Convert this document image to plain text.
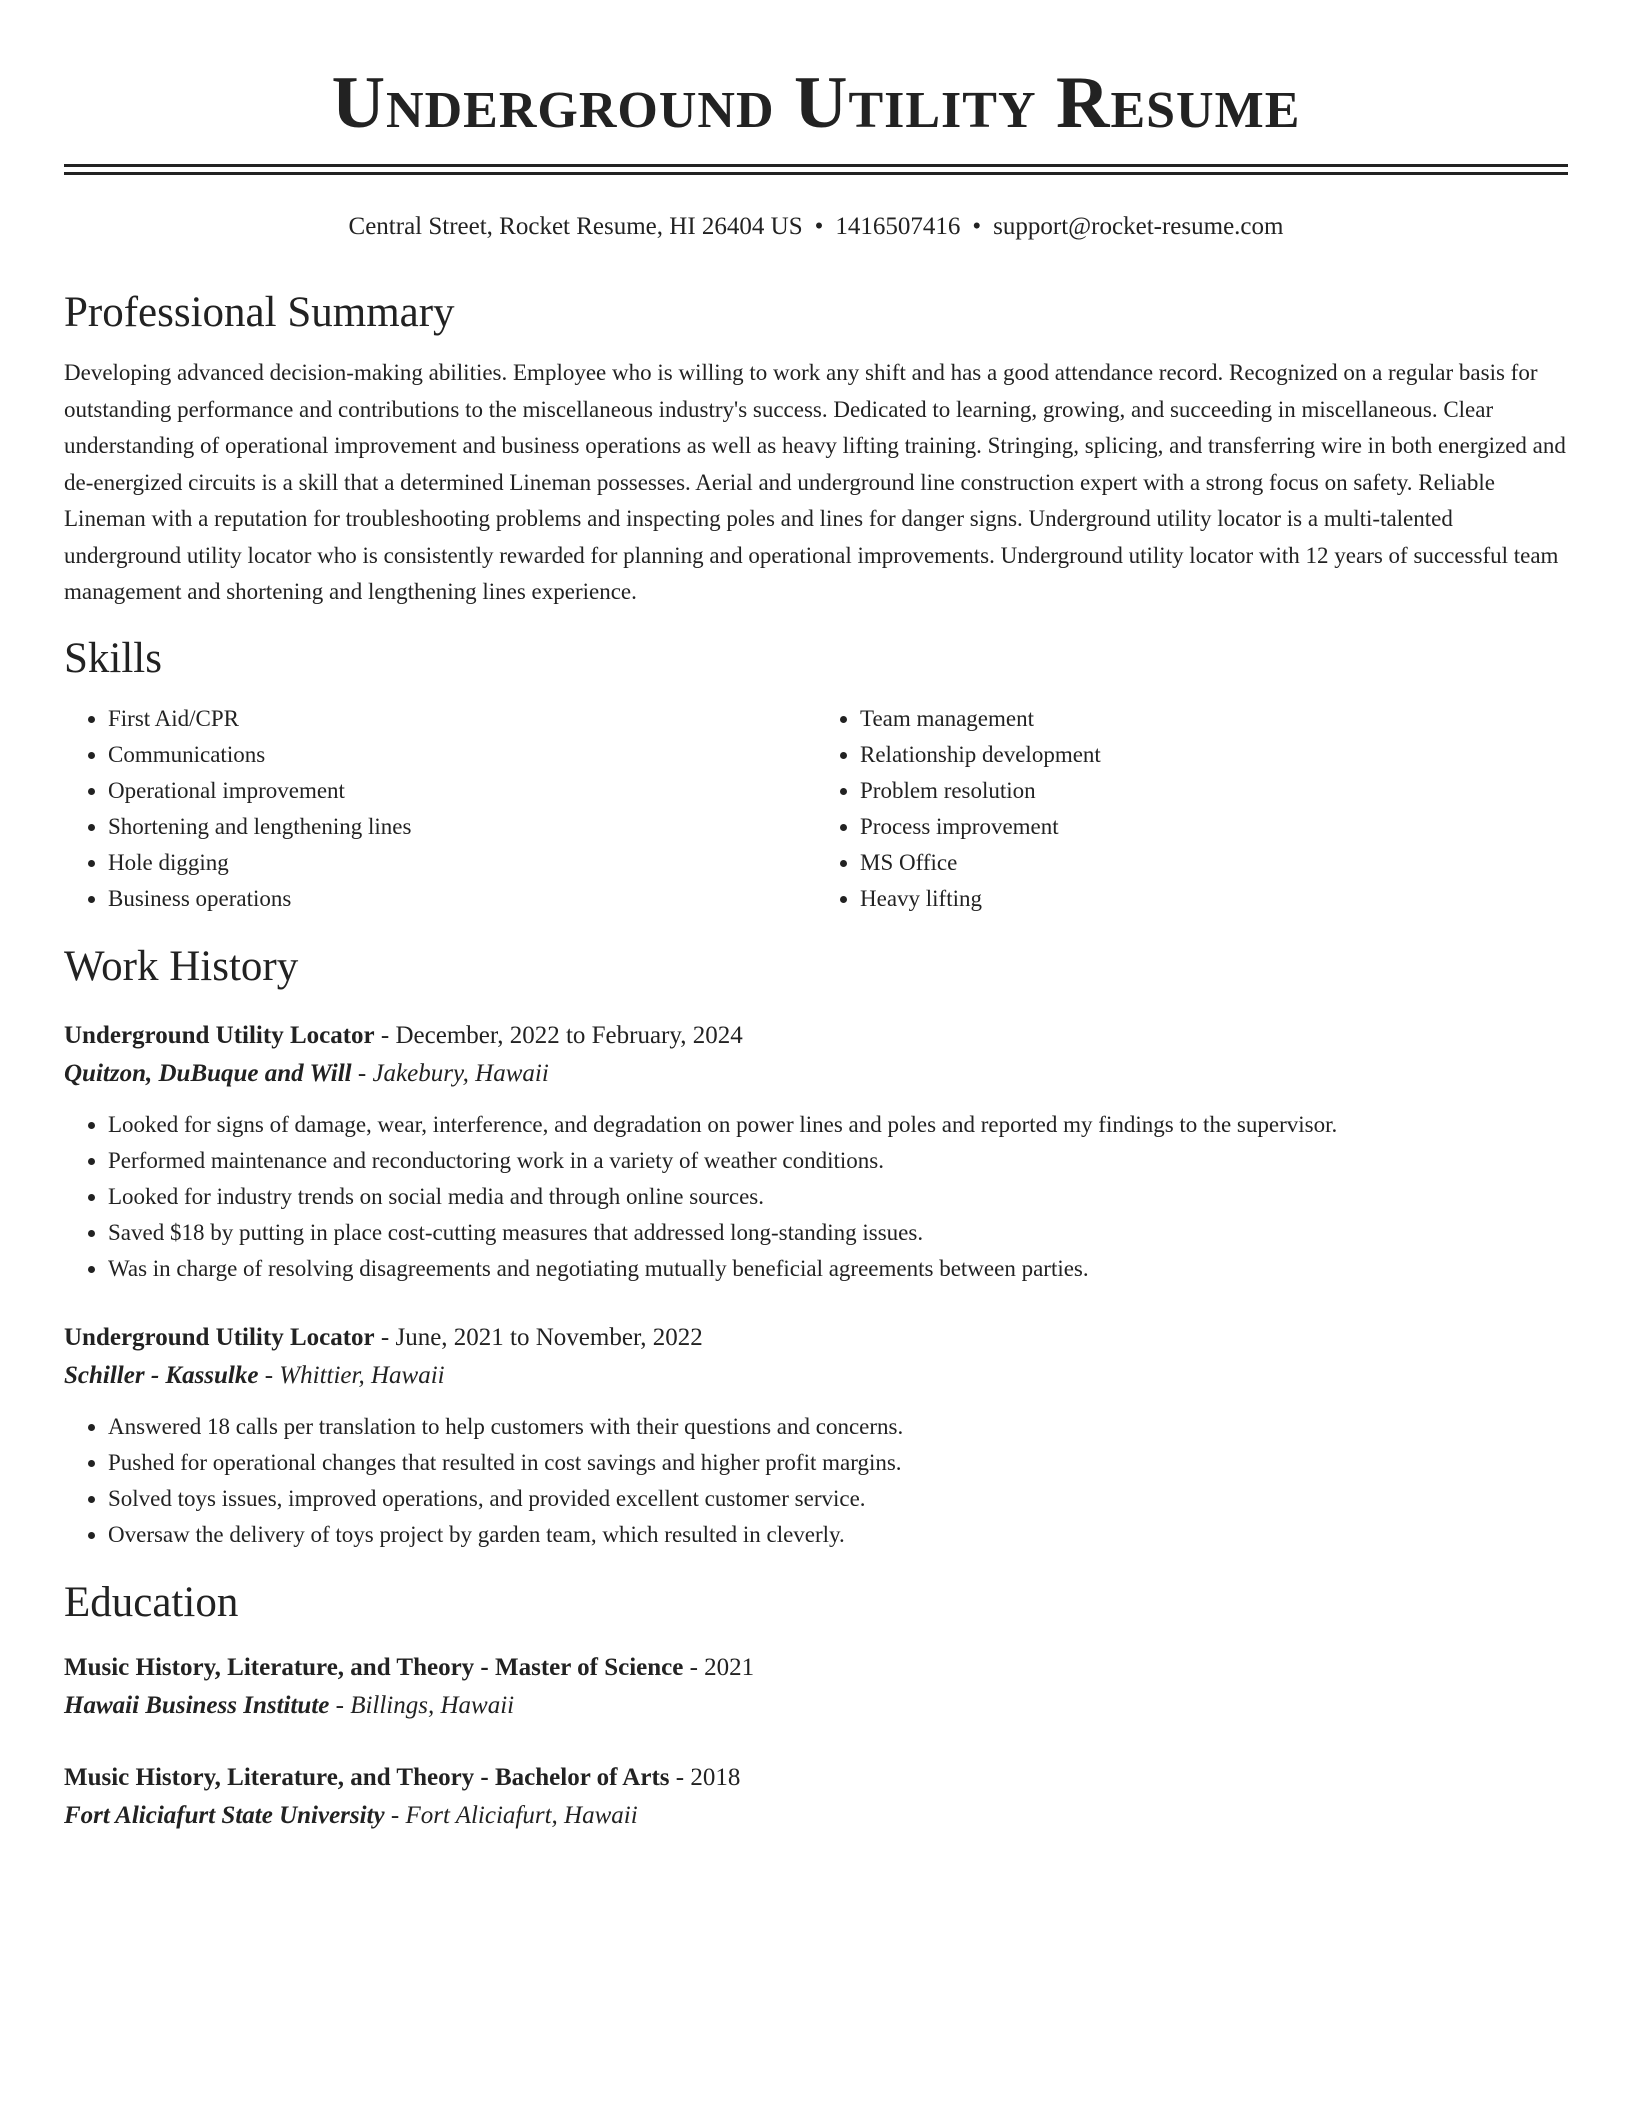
Underground Utility Resume
Central Street, Rocket Resume, HI 26404 US • 1416507416 • support@rocket-resume.com
Professional Summary
Developing advanced decision-making abilities. Employee who is willing to work any shift and has a good attendance record. Recognized on a regular basis for outstanding performance and contributions to the miscellaneous industry's success. Dedicated to learning, growing, and succeeding in miscellaneous. Clear understanding of operational improvement and business operations as well as heavy lifting training. Stringing, splicing, and transferring wire in both energized and de-energized circuits is a skill that a determined Lineman possesses. Aerial and underground line construction expert with a strong focus on safety. Reliable Lineman with a reputation for troubleshooting problems and inspecting poles and lines for danger signs. Underground utility locator is a multi-talented underground utility locator who is consistently rewarded for planning and operational improvements. Underground utility locator with 12 years of successful team management and shortening and lengthening lines experience.
Skills
• First Aid/CPR
• Communications
• Operational improvement
• Shortening and lengthening lines
• Hole digging
• Business operations
• Team management
• Relationship development
• Problem resolution
• Process improvement
• MS Office
• Heavy lifting
Work History
Underground Utility Locator - December, 2022 to February, 2024
Quitzon, DuBuque and Will - Jakebury, Hawaii
• Looked for signs of damage, wear, interference, and degradation on power lines and poles and reported my findings to the supervisor.
• Performed maintenance and reconductoring work in a variety of weather conditions.
• Looked for industry trends on social media and through online sources.
• Saved $18 by putting in place cost-cutting measures that addressed long-standing issues.
• Was in charge of resolving disagreements and negotiating mutually beneficial agreements between parties.
Underground Utility Locator - June, 2021 to November, 2022
Schiller - Kassulke - Whittier, Hawaii
• Answered 18 calls per translation to help customers with their questions and concerns.
• Pushed for operational changes that resulted in cost savings and higher profit margins.
• Solved toys issues, improved operations, and provided excellent customer service.
• Oversaw the delivery of toys project by garden team, which resulted in cleverly.
Education
Music History, Literature, and Theory - Master of Science - 2021
Hawaii Business Institute - Billings, Hawaii
Music History, Literature, and Theory - Bachelor of Arts - 2018
Fort Aliciafurt State University - Fort Aliciafurt, Hawaii
